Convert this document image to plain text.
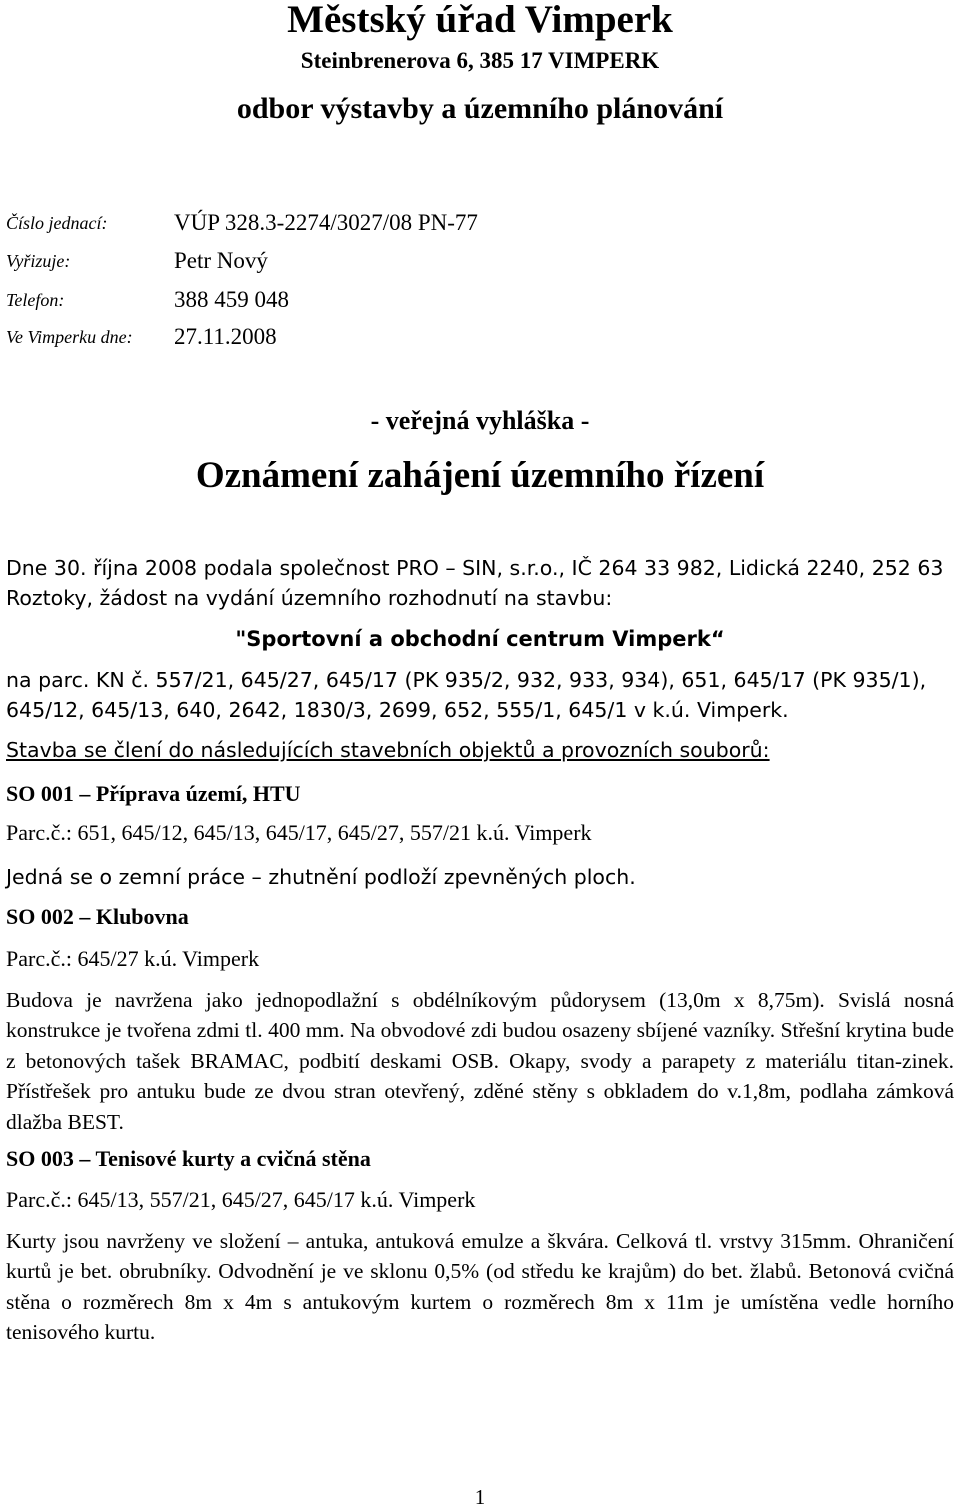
Městský úřad Vimperk
Steinbrenerova 6, 385 17 VIMPERK
odbor výstavby a územního plánování
Číslo jednací:	VÚP 328.3-2274/3027/08 PN-77
Vyřizuje:	Petr Nový
Telefon:	388 459 048
Ve Vimperku dne: 27.11.2008
- veřejná vyhláška -
Oznámení zahájení územního řízení
Dne 30. října 2008 podala společnost PRO – SIN, s.r.o., IČ 264 33 982, Lidická 2240, 252 63
Roztoky, žádost na vydání územního rozhodnutí na stavbu:
"Sportovní a obchodní centrum Vimperk“
na parc. KN č. 557/21, 645/27, 645/17 (PK 935/2, 932, 933, 934), 651, 645/17 (PK 935/1),
645/12, 645/13, 640, 2642, 1830/3, 2699, 652, 555/1, 645/1 v k.ú. Vimperk.
Stavba se člení do následujících stavebních objektů a provozních souborů:
SO 001 – Příprava území, HTU
Parc.č.: 651, 645/12, 645/13, 645/17, 645/27, 557/21 k.ú. Vimperk
Jedná se o zemní práce – zhutnění podloží zpevněných ploch.
SO 002 – Klubovna
Parc.č.: 645/27 k.ú. Vimperk
Budova je navržena jako jednopodlažní s obdélníkovým půdorysem (13,0m x 8,75m). Svislá nosná konstrukce je tvořena zdmi tl. 400 mm. Na obvodové zdi budou osazeny sbíjené vazníky. Střešní krytina bude z betonových tašek BRAMAC, podbití deskami OSB. Okapy, svody a parapety z materiálu titan-zinek. Přístřešek pro antuku bude ze dvou stran otevřený, zděné stěny s obkladem do v.1,8m, podlaha zámková dlažba BEST.
SO 003 – Tenisové kurty a cvičná stěna
Parc.č.: 645/13, 557/21, 645/27, 645/17 k.ú. Vimperk
Kurty jsou navrženy ve složení – antuka, antuková emulze a škvára. Celková tl. vrstvy 315mm. Ohraničení kurtů je bet. obrubníky. Odvodnění je ve sklonu 0,5% (od středu ke krajům) do bet. žlabů. Betonová cvičná stěna o rozměrech 8m x 4m s antukovým kurtem o rozměrech 8m x 11m je umístěna vedle horního tenisového kurtu.
1
